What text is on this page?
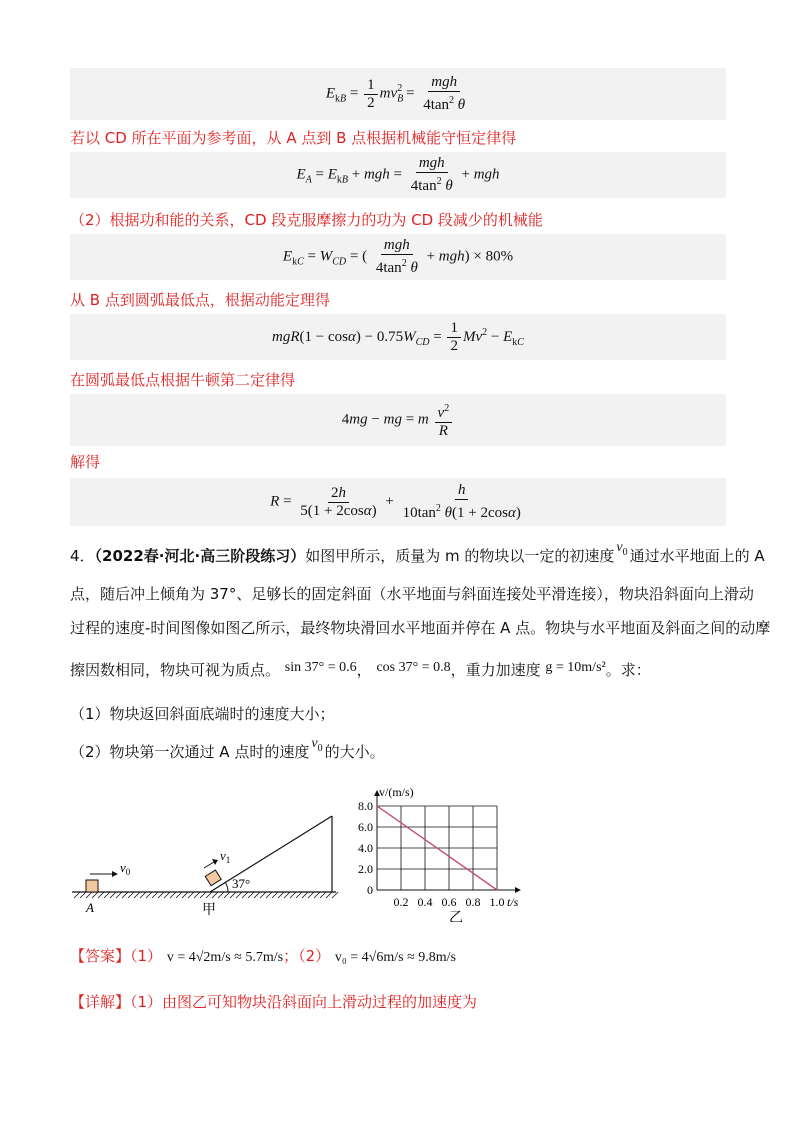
$E_{kB} = \frac{1}{2} mv_B^2 = \frac{\text{mgh}}{4\tan^2 \theta}$
若以 CD 所在平面为参考面，从 A 点到 B 点根据机械能守恒定律得
$E_A = E_{kB}$ + mgh = $\frac{\text{mgh}}{4\tan^2 \theta}$ + mgh
（2）根据功和能的关系，CD 段克服摩擦力的功为 CD 段减少的机械能
$E_{kC} = W_{CD}$ = ( $\frac{\text{mgh}}{4\tan^2 \theta} + mgh) \times 80\%$
从 B 点到圆弧最低点，根据动能定理得
$mgR(1 - \cos\alpha) - 0.75W_{CD} = \frac{1}{2} Mv^2 - E_{kC}$
在圆弧最低点根据牛顿第二定律得
4mg − mg = m $\frac{v^2}{R}$
解得
$R = \frac{2h}{5(1 + 2\cos\alpha)} + \frac{h}{10\tan^2 \theta(1 + 2\cos\alpha)}$
4．（2022春·河北·高三阶段练习）如图甲所示，质量为 m 的物块以一定的初速度 $v_0$ 通过水平地面上的 A
点，随后冲上倾角为 37°、足够长的固定斜面（水平地面与斜面连接处平滑连接），物块沿斜面向上滑动
过程的速度-时间图像如图乙所示，最终物块滑回水平地面并停在 A 点。物块与水平地面及斜面之间的动摩
擦因数相同，物块可视为质点。 sin 37° = 0.6， cos 37° = 0.8，重力加速度 g = 10m/s²。求：
（1）物块返回斜面底端时的速度大小；
（2）物块第一次通过 A 点时的速度 $v_0$ 的大小。
$v_0$
A
$v_1$
37°
甲
8.0
6.0
4.0
2.0
0
0.2 0.4 0.6 0.8 1.0
v/(m/s)
t/s
乙
【答案】（1） v = 4√2m/s ≈ 5.7m/s；（2） v₀ = 4√6m/s ≈ 9.8m/s
【详解】（1）由图乙可知物块沿斜面向上滑动过程的加速度为
